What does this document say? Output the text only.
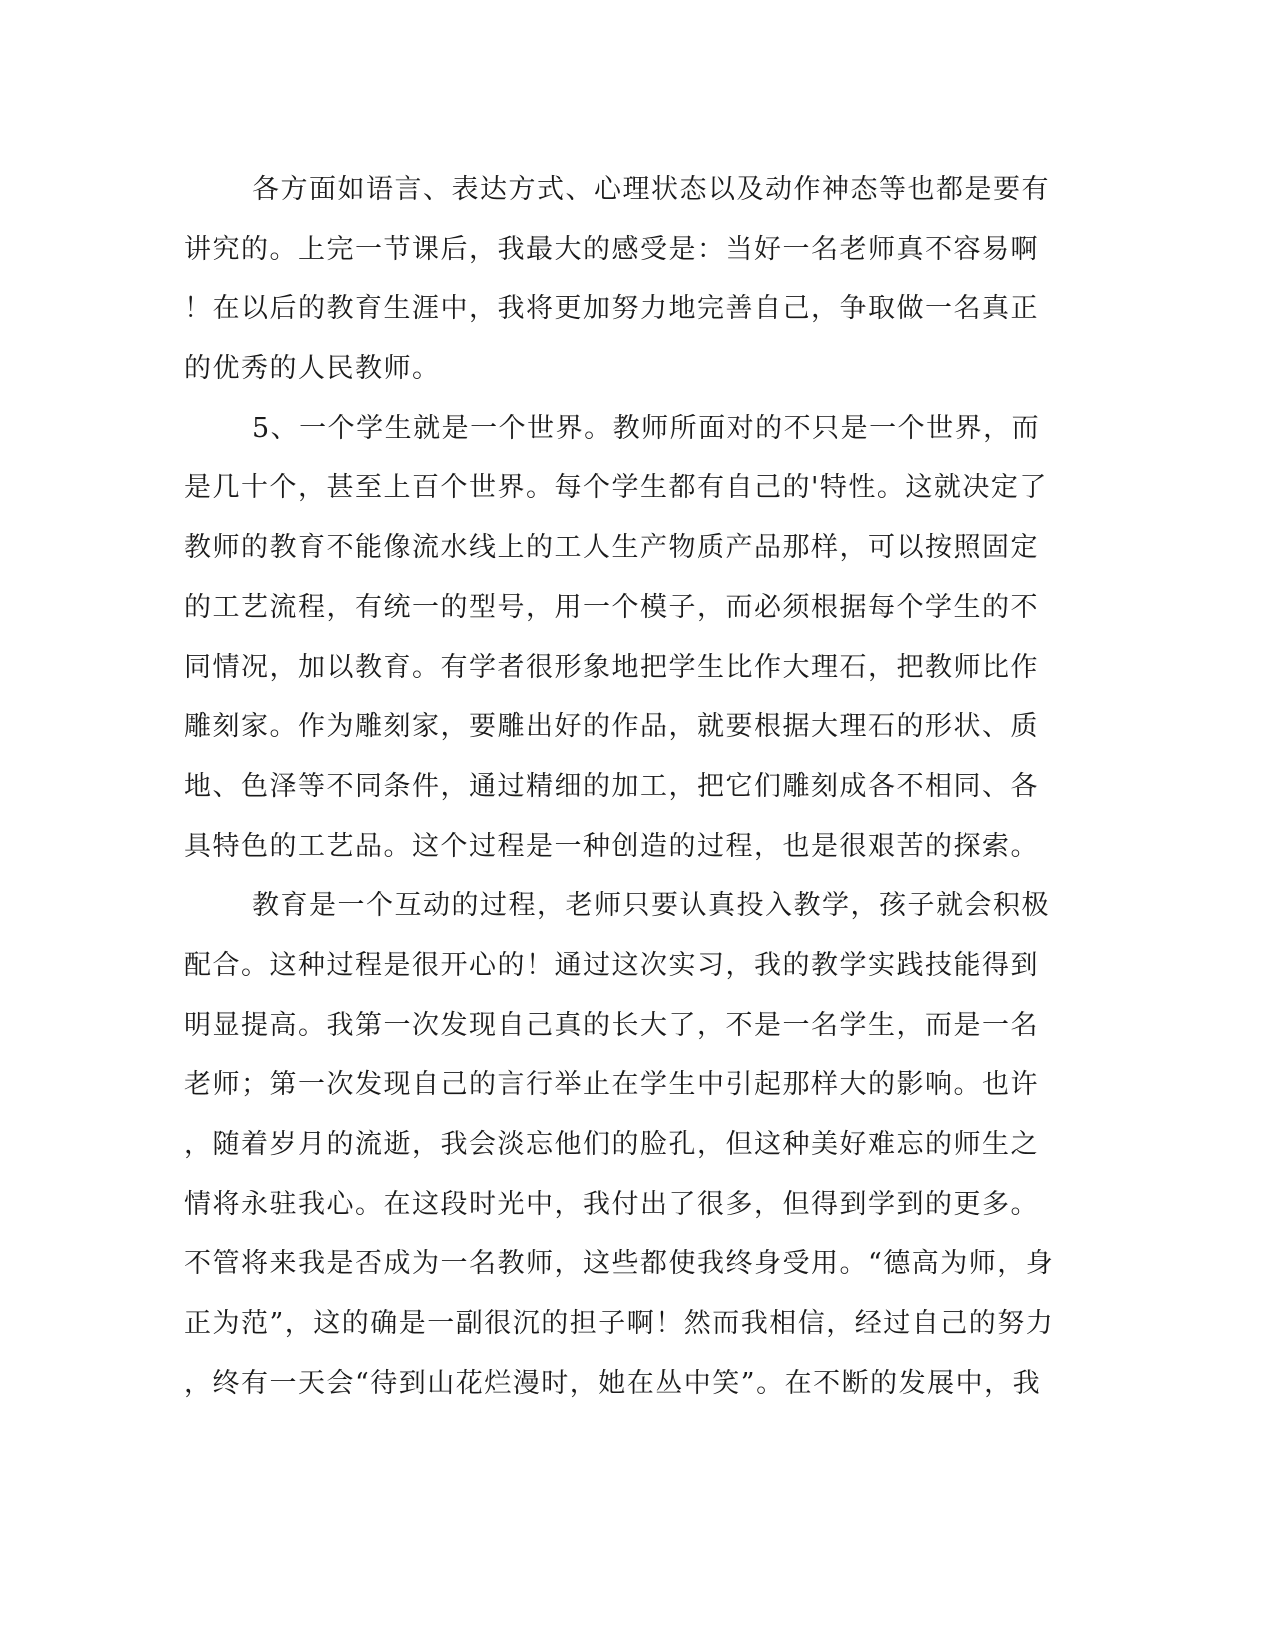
各方面如语言、表达方式、心理状态以及动作神态等也都是要有
讲究的。上完一节课后，我最大的感受是：当好一名老师真不容易啊
！在以后的教育生涯中，我将更加努力地完善自己，争取做一名真正
的优秀的人民教师。
5、一个学生就是一个世界。教师所面对的不只是一个世界，而
是几十个，甚至上百个世界。每个学生都有自己的'特性。这就决定了
教师的教育不能像流水线上的工人生产物质产品那样，可以按照固定
的工艺流程，有统一的型号，用一个模子，而必须根据每个学生的不
同情况，加以教育。有学者很形象地把学生比作大理石，把教师比作
雕刻家。作为雕刻家，要雕出好的作品，就要根据大理石的形状、质
地、色泽等不同条件，通过精细的加工，把它们雕刻成各不相同、各
具特色的工艺品。这个过程是一种创造的过程，也是很艰苦的探索。
教育是一个互动的过程，老师只要认真投入教学，孩子就会积极
配合。这种过程是很开心的！通过这次实习，我的教学实践技能得到
明显提高。我第一次发现自己真的长大了，不是一名学生，而是一名
老师；第一次发现自己的言行举止在学生中引起那样大的影响。也许
，随着岁月的流逝，我会淡忘他们的脸孔，但这种美好难忘的师生之
情将永驻我心。在这段时光中，我付出了很多，但得到学到的更多。
不管将来我是否成为一名教师，这些都使我终身受用。“德高为师，身
正为范”，这的确是一副很沉的担子啊！然而我相信，经过自己的努力
，终有一天会“待到山花烂漫时，她在丛中笑”。在不断的发展中，我
